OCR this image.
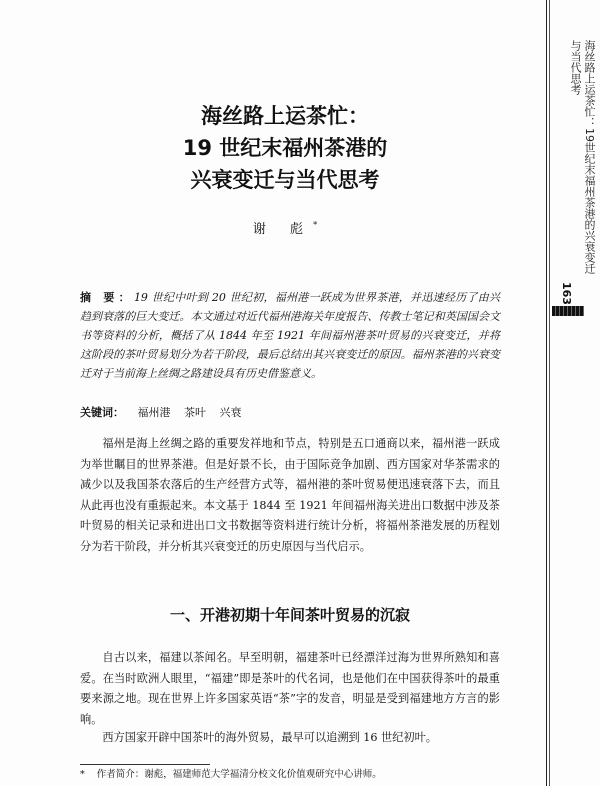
海丝路上运茶忙：19世纪末福州茶港的兴衰变迁与当代思考
163
海丝路上运茶忙：
19 世纪末福州茶港的
兴衰变迁与当代思考
谢 彪*
摘 要：19 世纪中叶到 20 世纪初，福州港一跃成为世界茶港，并迅速经历了由兴趋到衰落的巨大变迁。本文通过对近代福州港海关年度报告、传教士笔记和英国国会文书等资料的分析，概括了从 1844 年至 1921 年间福州港茶叶贸易的兴衰变迁，并将这阶段的茶叶贸易划分为若干阶段，最后总结出其兴衰变迁的原因。福州茶港的兴衰变迁对于当前海上丝绸之路建设具有历史借鉴意义。
关键词： 福州港 茶叶 兴衰
福州是海上丝绸之路的重要发祥地和节点，特别是五口通商以来，福州港一跃成为举世瞩目的世界茶港。但是好景不长，由于国际竞争加剧、西方国家对华茶需求的减少以及我国茶农落后的生产经营方式等，福州港的茶叶贸易便迅速衰落下去，而且从此再也没有重振起来。本文基于 1844 至 1921 年间福州海关进出口数据中涉及茶叶贸易的相关记录和进出口文书数据等资料进行统计分析，将福州茶港发展的历程划分为若干阶段，并分析其兴衰变迁的历史原因与当代启示。
一、开港初期十年间茶叶贸易的沉寂
自古以来，福建以茶闻名。早至明朝，福建茶叶已经漂洋过海为世界所熟知和喜爱。在当时欧洲人眼里，“福建”即是茶叶的代名词，也是他们在中国获得茶叶的最重要来源之地。现在世界上许多国家英语“茶”字的发音，明显是受到福建地方方言的影响。
西方国家开辟中国茶叶的海外贸易，最早可以追溯到 16 世纪初叶。
* 作者简介：谢彪，福建师范大学福清分校文化价值观研究中心讲师。
